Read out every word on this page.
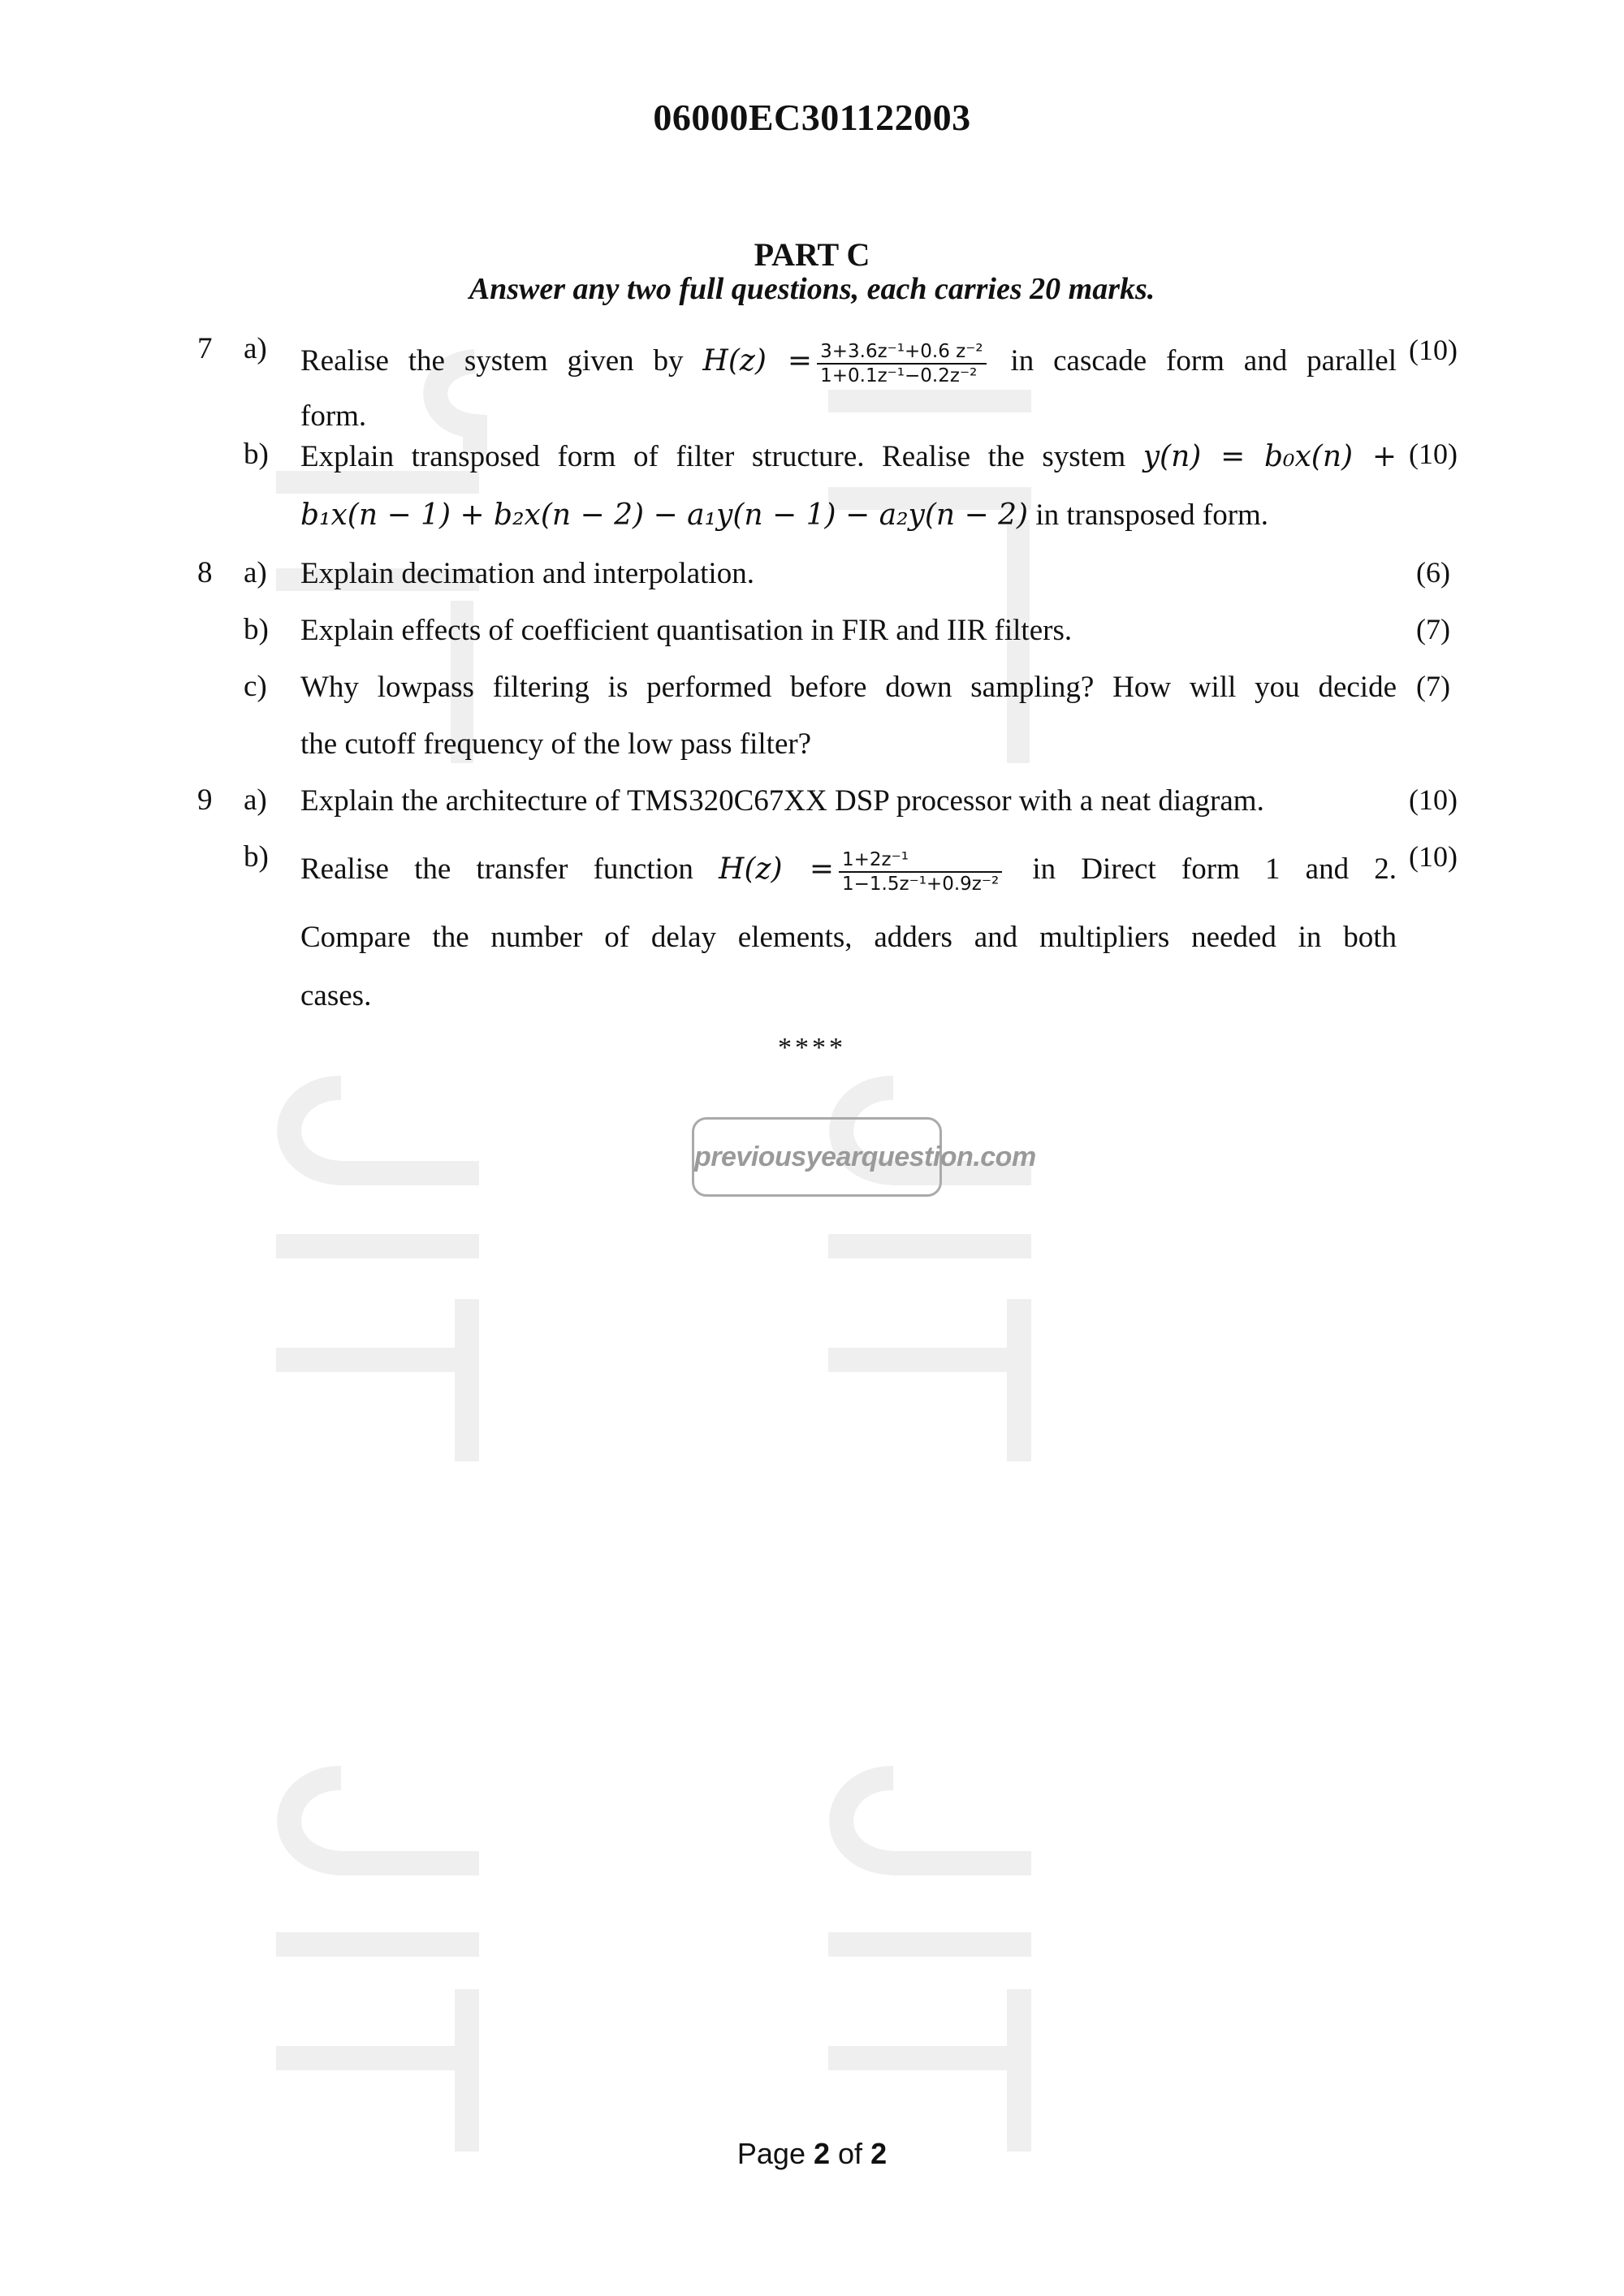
06000EC301122003
PART C
Answer any two full questions, each carries 20 marks.
7 a) Realise the system given by $H(z) = \frac{\text{3+3.6z⁻¹+0.6 z⁻²}}{\text{1+0.1z⁻¹−0.2z⁻²}}$ in cascade form and parallel
form.
(10)
b) Explain transposed form of filter structure. Realise the system y(n) = b₀x(n) +
b₁x(n − 1) + b₂x(n − 2) − a₁y(n − 1) − a₂y(n − 2) in transposed form.
(10)
8 a) Explain decimation and interpolation.	(6)
b) Explain effects of coefficient quantisation in FIR and IIR filters.	(7)
c) Why lowpass filtering is performed before down sampling? How will you decide
the cutoff frequency of the low pass filter?
(7)
9 a) Explain the architecture of TMS320C67XX DSP processor with a neat diagram.	(10)
b) Realise the transfer function $H(z) = \frac{\text{1+2z⁻¹}}{\text{1−1.5z⁻¹+0.9z⁻²}}$ in Direct form 1 and 2.
Compare the number of delay elements, adders and multipliers needed in both
cases.
(10)
****
previousyearquestion.com
Page 2 of 2
